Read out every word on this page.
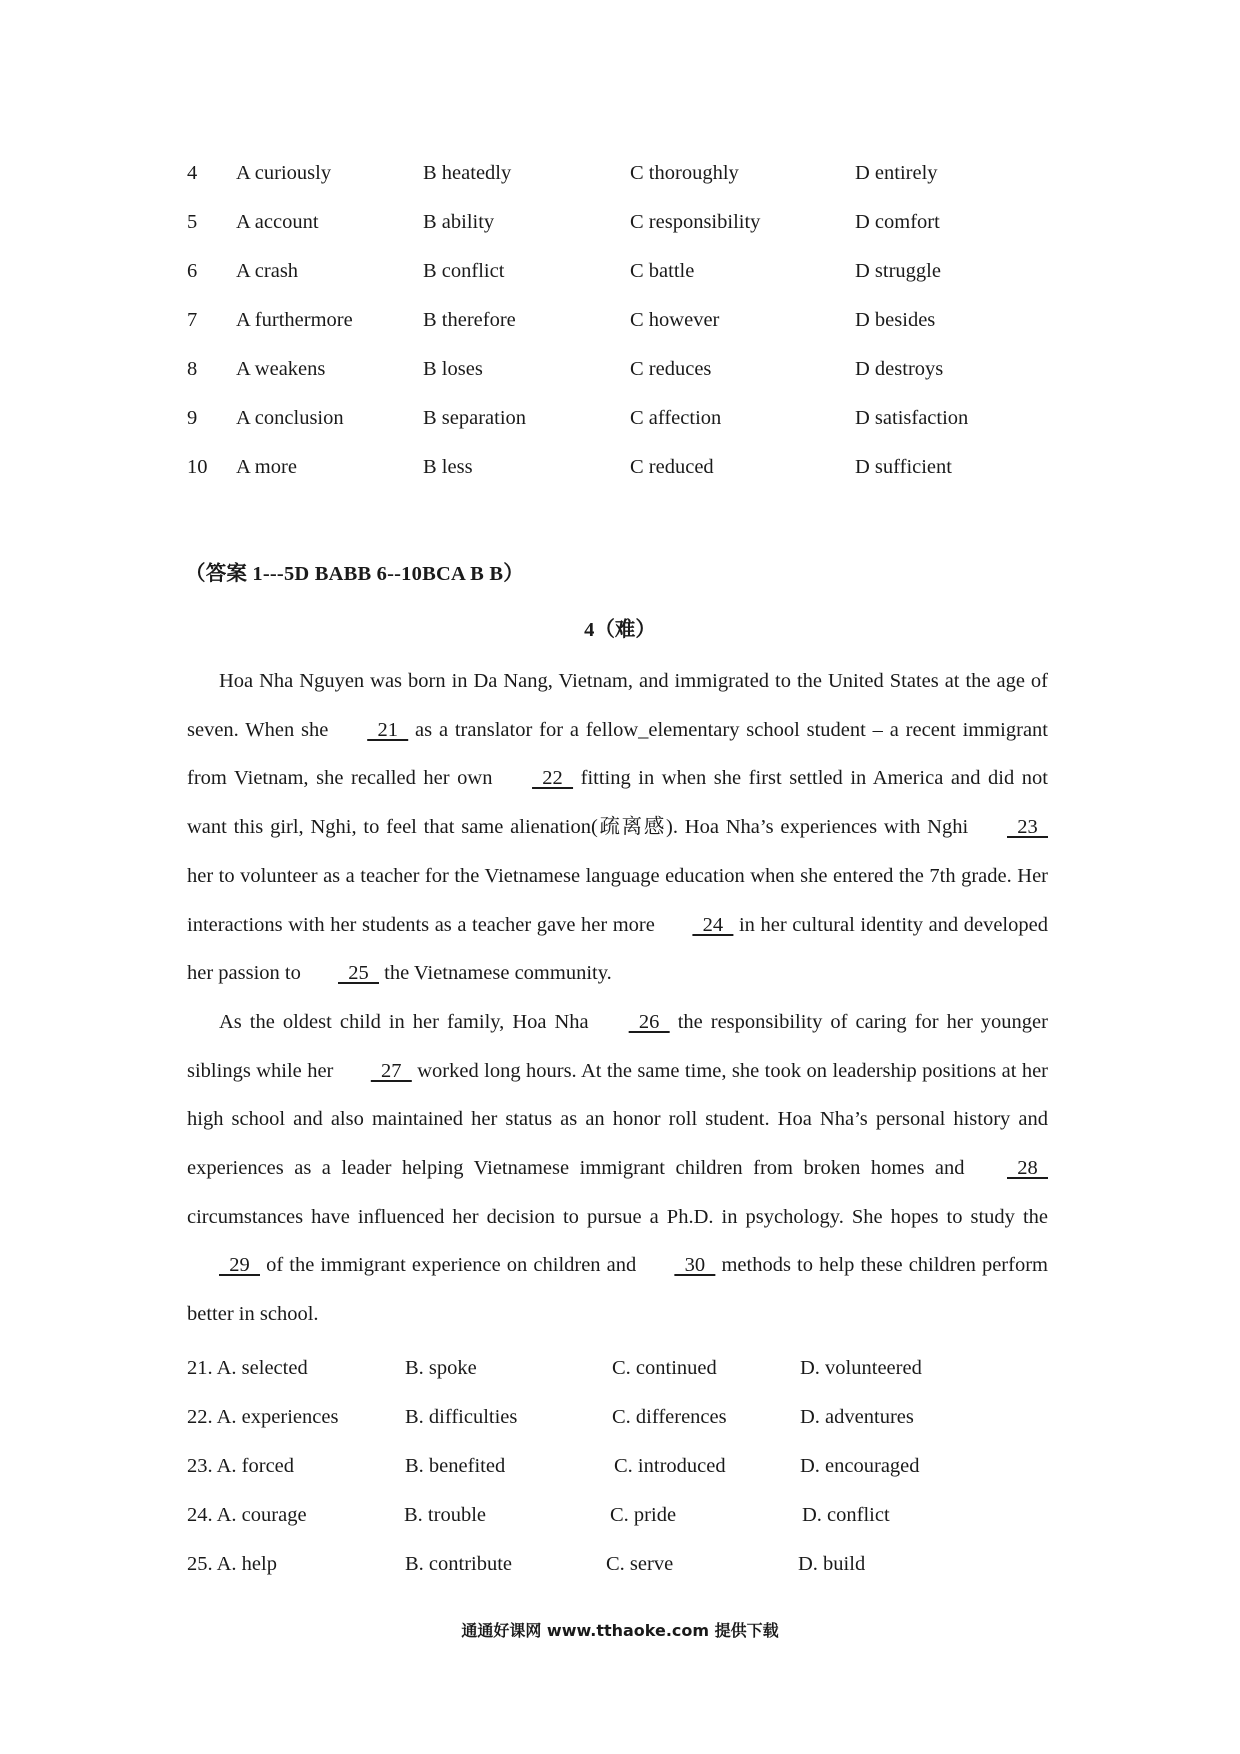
4 A curiously	B heatedly	C thoroughly	D entirely
5 A account	B ability	C responsibility	D comfort
6 A crash	B conflict	C battle	D struggle
7 A furthermore	B therefore	C however	D besides
8 A weakens	B loses	C reduces	D destroys
9 A conclusion	B separation	C affection	D satisfaction
10 A more	B less	C reduced	D sufficient
（答案 1---5D BABB 6--10BCA B B）
4（难）

Hoa Nha Nguyen was born in Da Nang, Vietnam, and immigrated to the United States at the age of seven. When she   21   as a translator for a fellow_elementary school student – a recent immigrant from Vietnam, she recalled her own   22   fitting in when she first settled in America and did not want this girl, Nghi, to feel that same alienation(疏离感). Hoa Nha’s experiences with Nghi   23   her to volunteer as a teacher for the Vietnamese language education when she entered the 7th grade. Her interactions with her students as a teacher gave her more   24   in her cultural identity and developed her passion to   25   the Vietnamese community.

As the oldest child in her family, Hoa Nha   26   the responsibility of caring for her younger siblings while her   27   worked long hours. At the same time, she took on leadership positions at her high school and also maintained her status as an honor roll student. Hoa Nha’s personal history and experiences as a leader helping Vietnamese immigrant children from broken homes and   28   circumstances have influenced her decision to pursue a Ph.D. in psychology. She hopes to study the   29   of the immigrant experience on children and   30   methods to help these children perform better in school.

21. A. selected	B. spoke	C. continued	D. volunteered
22. A. experiences	B. difficulties	C. differences	D. adventures
23. A. forced	B. benefited	C. introduced	D. encouraged
24. A. courage	B. trouble	C. pride	D. conflict
25. A. help	B. contribute	C. serve	D. build
通通好课网 www.tthaoke.com 提供下载
